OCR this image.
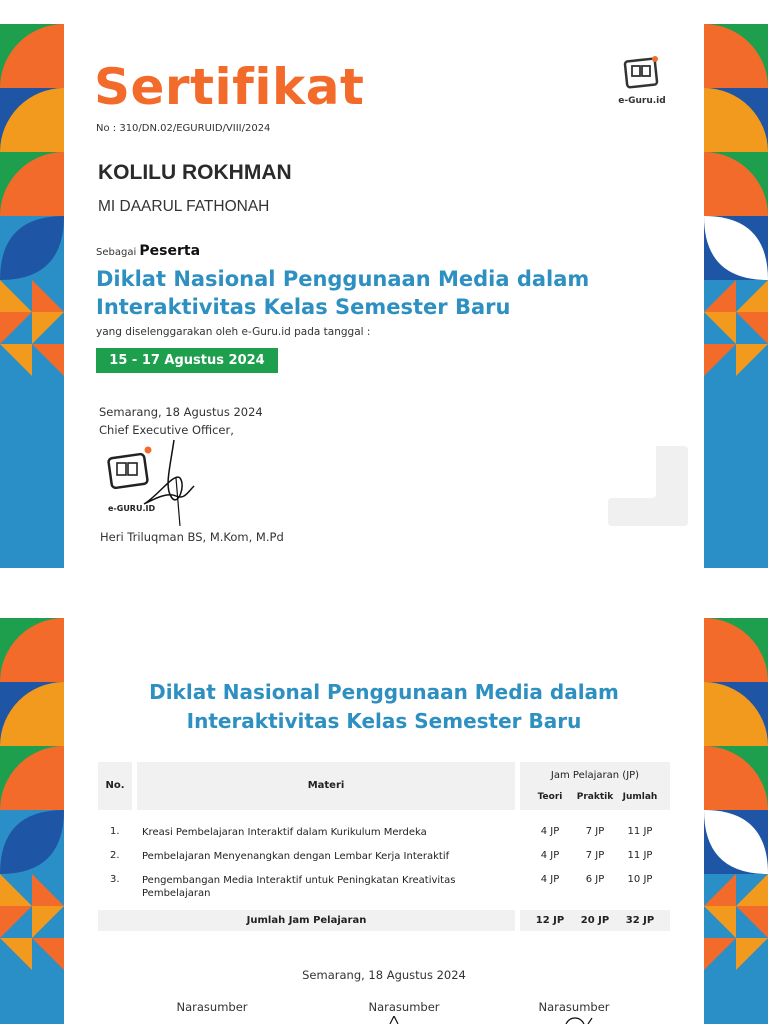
Sertifikat
No : 310/DN.02/EGURUID/VIII/2024
e-Guru.id
KOLILU ROKHMAN
MI DAARUL FATHONAH
Sebagai Peserta
Diklat Nasional Penggunaan Media dalam
Interaktivitas Kelas Semester Baru
yang diselenggarakan oleh e-Guru.id pada tanggal :
15 - 17 Agustus 2024
Semarang, 18 Agustus 2024
Chief Executive Officer,
e-GURU.ID
Heri Triluqman BS, M.Kom, M.Pd
Diklat Nasional Penggunaan Media dalam
Interaktivitas Kelas Semester Baru
No.	Materi
Jam Pelajaran (JP)
Teori	Praktik	Jumlah
1. Kreasi Pembelajaran Interaktif dalam Kurikulum Merdeka	4 JP	7 JP	11 JP
2. Pembelajaran Menyenangkan dengan Lembar Kerja Interaktif	4 JP	7 JP	11 JP
3. Pengembangan Media Interaktif untuk Peningkatan Kreativitas Pembelajaran
4 JP	6 JP	10 JP
Jumlah Jam Pelajaran	12 JP	20 JP	32 JP
Semarang, 18 Agustus 2024
Narasumber	Narasumber	Narasumber
